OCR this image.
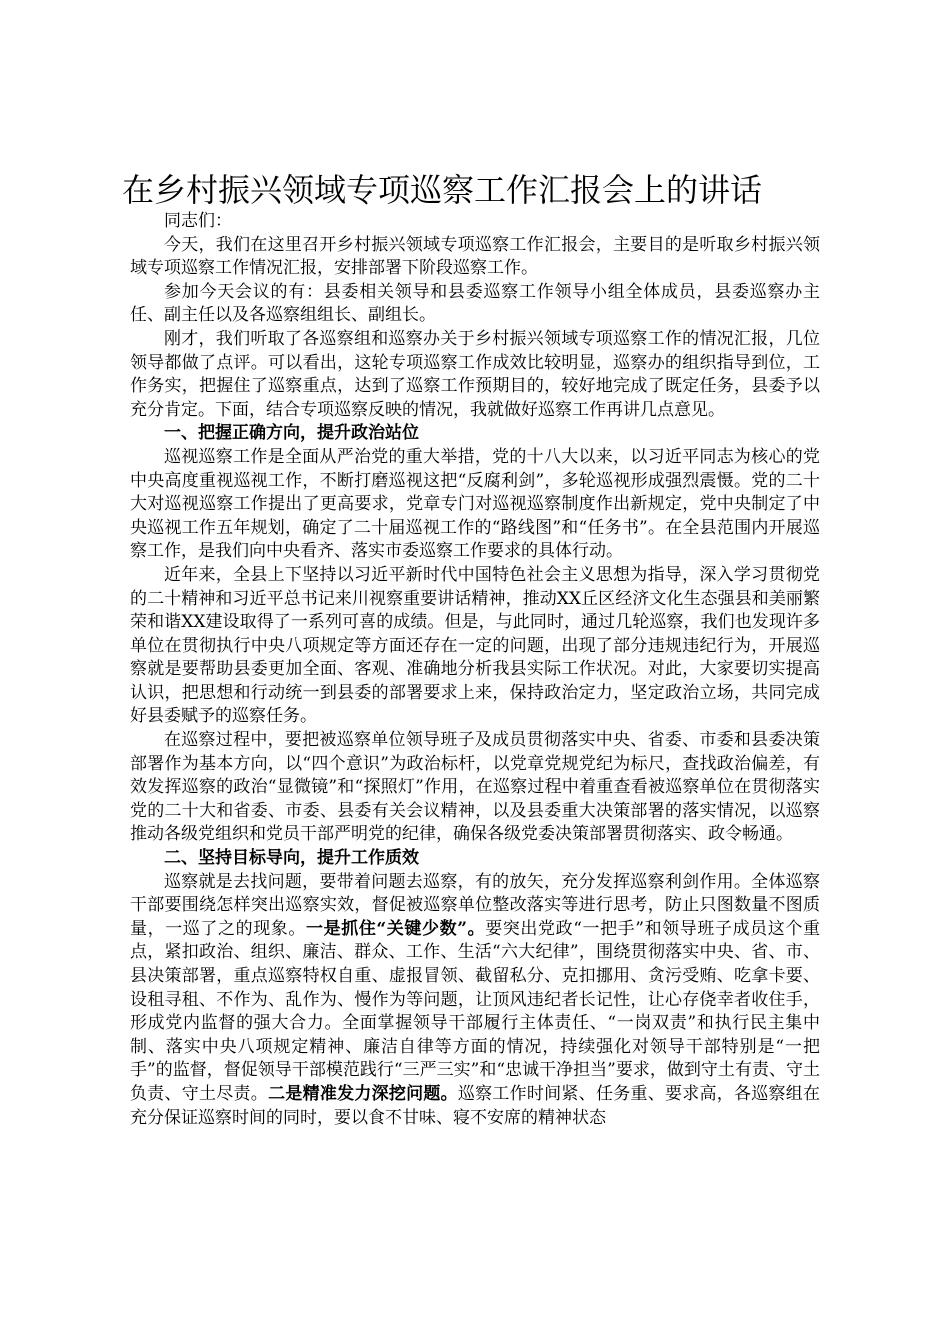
在乡村振兴领域专项巡察工作汇报会上的讲话

同志们：

今天，我们在这里召开乡村振兴领域专项巡察工作汇报会，主要目的是听取乡村振兴领域专项巡察工作情况汇报，安排部署下阶段巡察工作。

参加今天会议的有：县委相关领导和县委巡察工作领导小组全体成员，县委巡察办主任、副主任以及各巡察组组长、副组长。

刚才，我们听取了各巡察组和巡察办关于乡村振兴领域专项巡察工作的情况汇报，几位领导都做了点评。可以看出，这轮专项巡察工作成效比较明显，巡察办的组织指导到位，工作务实，把握住了巡察重点，达到了巡察工作预期目的，较好地完成了既定任务，县委予以充分肯定。下面，结合专项巡察反映的情况，我就做好巡察工作再讲几点意见。

一、把握正确方向，提升政治站位

巡视巡察工作是全面从严治党的重大举措，党的十八大以来，以习近平同志为核心的党中央高度重视巡视工作，不断打磨巡视这把“反腐利剑”，多轮巡视形成强烈震慑。党的二十大对巡视巡察工作提出了更高要求，党章专门对巡视巡察制度作出新规定，党中央制定了中央巡视工作五年规划，确定了二十届巡视工作的“路线图”和“任务书”。在全县范围内开展巡察工作，是我们向中央看齐、落实市委巡察工作要求的具体行动。

近年来，全县上下坚持以习近平新时代中国特色社会主义思想为指导，深入学习贯彻党的二十精神和习近平总书记来川视察重要讲话精神，推动XX丘区经济文化生态强县和美丽繁荣和谐XX建设取得了一系列可喜的成绩。但是，与此同时，通过几轮巡察，我们也发现许多单位在贯彻执行中央八项规定等方面还存在一定的问题，出现了部分违规违纪行为，开展巡察就是要帮助县委更加全面、客观、准确地分析我县实际工作状况。对此，大家要切实提高认识，把思想和行动统一到县委的部署要求上来，保持政治定力，坚定政治立场，共同完成好县委赋予的巡察任务。

在巡察过程中，要把被巡察单位领导班子及成员贯彻落实中央、省委、市委和县委决策部署作为基本方向，以“四个意识”为政治标杆，以党章党规党纪为标尺，查找政治偏差，有效发挥巡察的政治“显微镜”和“探照灯”作用，在巡察过程中着重查看被巡察单位在贯彻落实党的二十大和省委、市委、县委有关会议精神，以及县委重大决策部署的落实情况，以巡察推动各级党组织和党员干部严明党的纪律，确保各级党委决策部署贯彻落实、政令畅通。

二、坚持目标导向，提升工作质效

巡察就是去找问题，要带着问题去巡察，有的放矢，充分发挥巡察利剑作用。全体巡察干部要围绕怎样突出巡察实效，督促被巡察单位整改落实等进行思考，防止只图数量不图质量，一巡了之的现象。一是抓住“关键少数”。要突出党政“一把手”和领导班子成员这个重点，紧扣政治、组织、廉洁、群众、工作、生活“六大纪律”，围绕贯彻落实中央、省、市、县决策部署，重点巡察特权自重、虚报冒领、截留私分、克扣挪用、贪污受贿、吃拿卡要、设租寻租、不作为、乱作为、慢作为等问题，让顶风违纪者长记性，让心存侥幸者收住手，形成党内监督的强大合力。全面掌握领导干部履行主体责任、“一岗双责”和执行民主集中制、落实中央八项规定精神、廉洁自律等方面的情况，持续强化对领导干部特别是“一把手”的监督，督促领导干部模范践行“三严三实”和“忠诚干净担当”要求，做到守土有责、守土负责、守土尽责。二是精准发力深挖问题。巡察工作时间紧、任务重、要求高，各巡察组在充分保证巡察时间的同时，要以食不甘味、寝不安席的精神状态
